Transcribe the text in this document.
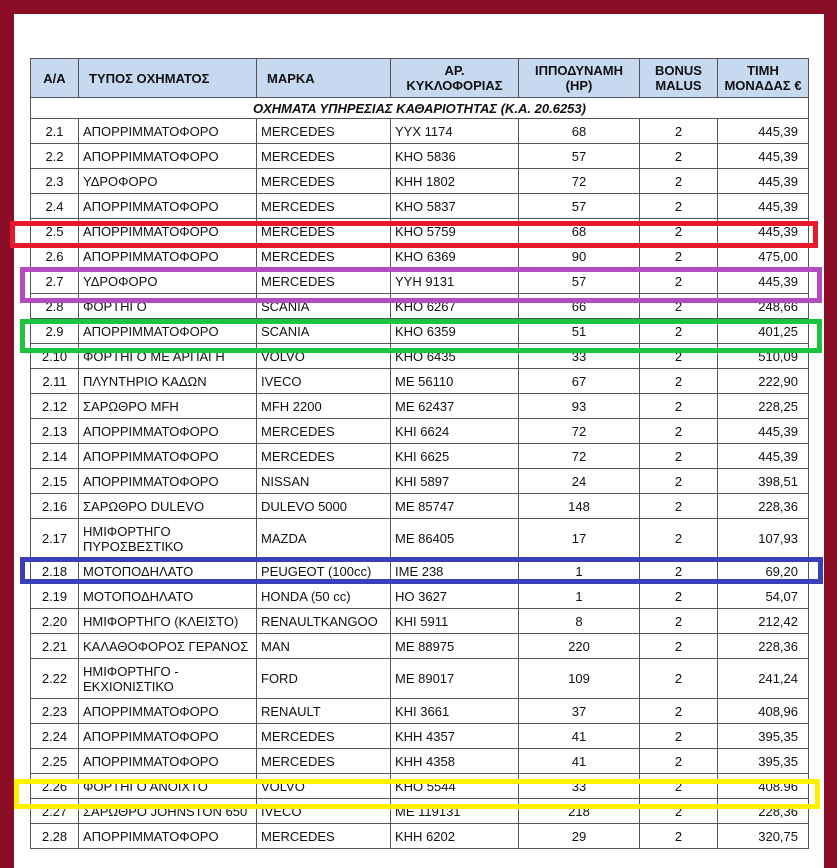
Α/Α	ΤΥΠΟΣ ΟΧΗΜΑΤΟΣ	ΜΑΡΚΑ	ΑΡ. ΚΥΚΛΟΦΟΡΙΑΣ	ΙΠΠΟΔΥΝΑΜΗ (HP)	BONUS MALUS	ΤΙΜΗ ΜΟΝΑΔΑΣ €
ΟΧΗΜΑΤΑ ΥΠΗΡΕΣΙΑΣ ΚΑΘΑΡΙΟΤΗΤΑΣ (Κ.Α. 20.6253)						
2.1	ΑΠΟΡΡΙΜΜΑΤΟΦΟΡΟ	MERCEDES	ΥΥΧ 1174	68	2	445,39
2.2	ΑΠΟΡΡΙΜΜΑΤΟΦΟΡΟ	MERCEDES	ΚΗΟ 5836	57	2	445,39
2.3	ΥΔΡΟΦΟΡΟ	MERCEDES	ΚΗΗ 1802	72	2	445,39
2.4	ΑΠΟΡΡΙΜΜΑΤΟΦΟΡΟ	MERCEDES	ΚΗΟ 5837	57	2	445,39
2.5	ΑΠΟΡΡΙΜΜΑΤΟΦΟΡΟ	MERCEDES	ΚΗΟ 5759	68	2	445,39
2.6	ΑΠΟΡΡΙΜΜΑΤΟΦΟΡΟ	MERCEDES	ΚΗΟ 6369	90	2	475,00
2.7	ΥΔΡΟΦΟΡΟ	MERCEDES	ΥΥΗ 9131	57	2	445,39
2.8	ΦΟΡΤΗΓΟ	SCANIA	ΚΗΟ 6267	66	2	248,66
2.9	ΑΠΟΡΡΙΜΜΑΤΟΦΟΡΟ	SCANIA	ΚΗΟ 6359	51	2	401,25
2.10	ΦΟΡΤΗΓΟ ΜΕ ΑΡΠΑΓΗ	VOLVO	ΚΗΟ 6435	33	2	510,09
2.11	ΠΛΥΝΤΗΡΙΟ ΚΑΔΩΝ	IVECO	ΜΕ 56110	67	2	222,90
2.12	ΣΑΡΩΘΡΟ MFH	MFH 2200	ΜΕ 62437	93	2	228,25
2.13	ΑΠΟΡΡΙΜΜΑΤΟΦΟΡΟ	MERCEDES	ΚΗΙ 6624	72	2	445,39
2.14	ΑΠΟΡΡΙΜΜΑΤΟΦΟΡΟ	MERCEDES	ΚΗΙ 6625	72	2	445,39
2.15	ΑΠΟΡΡΙΜΜΑΤΟΦΟΡΟ	NISSAN	ΚΗΙ 5897	24	2	398,51
2.16	ΣΑΡΩΘΡΟ DULEVO	DULEVO 5000	ΜΕ 85747	148	2	228,36
2.17	ΗΜΙΦΟΡΤΗΓΟ ΠΥΡΟΣΒΕΣΤΙΚΟ	MAZDA	ΜΕ 86405	17	2	107,93
2.18	ΜΟΤΟΠΟΔΗΛΑΤΟ	PEUGEOT (100cc)	ΙΜΕ 238	1	2	69,20
2.19	ΜΟΤΟΠΟΔΗΛΑΤΟ	HONDA (50 cc)	ΗΟ 3627	1	2	54,07
2.20	ΗΜΙΦΟΡΤΗΓΟ (ΚΛΕΙΣΤΟ)	RENAULTKANGOO	ΚΗΙ 5911	8	2	212,42
2.21	ΚΑΛΑΘΟΦΟΡΟΣ ΓΕΡΑΝΟΣ	MAN	ΜΕ 88975	220	2	228,36
2.22	ΗΜΙΦΟΡΤΗΓΟ - ΕΚΧΙΟΝΙΣΤΙΚΟ	FORD	ΜΕ 89017	109	2	241,24
2.23	ΑΠΟΡΡΙΜΜΑΤΟΦΟΡΟ	RENAULT	ΚΗΙ 3661	37	2	408,96
2.24	ΑΠΟΡΡΙΜΜΑΤΟΦΟΡΟ	MERCEDES	ΚΗΗ 4357	41	2	395,35
2.25	ΑΠΟΡΡΙΜΜΑΤΟΦΟΡΟ	MERCEDES	ΚΗΗ 4358	41	2	395,35
2.26	ΦΟΡΤΗΓΟ ΑΝΟΙΧΤΟ	VOLVO	ΚΗΟ 5544	33	2	408.96
2.27	ΣΑΡΩΘΡΟ JOHNSTON 650	IVECO	ΜΕ 119131	218	2	228,36
2.28	ΑΠΟΡΡΙΜΜΑΤΟΦΟΡΟ	MERCEDES	ΚΗΗ 6202	29	2	320,75
